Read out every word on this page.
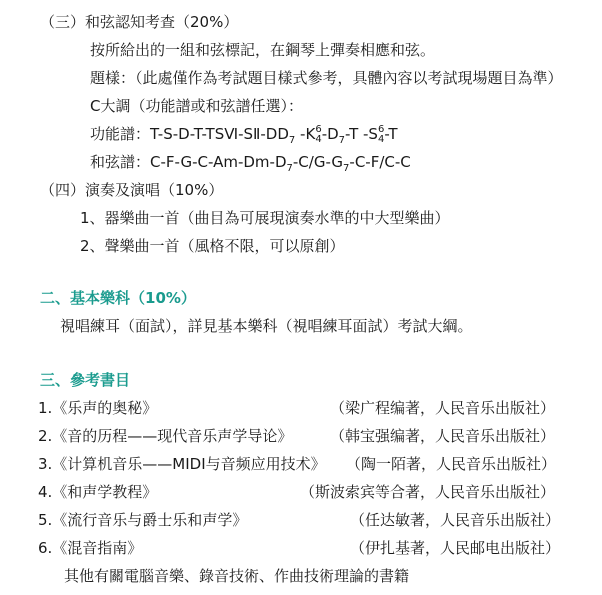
（三）和弦認知考查（20%）
按所給出的一組和弦標記，在鋼琴上彈奏相應和弦。
題樣：（此處僅作為考試題目樣式參考，具體內容以考試現場題目為準）
C大調（功能譜或和弦譜任選）：
功能譜：$T-S-D-T-TSⅥ-SⅡ-DD_7$ -K 6
4 $-D_7-T$ -S 6
4 -T
和弦譜：$C-F-G-C-Am-Dm-D_7-C/G-G_7-C-F/C-C$
（四）演奏及演唱（10%）
1、器樂曲一首（曲目為可展現演奏水準的中大型樂曲）
2、聲樂曲一首（風格不限，可以原創）
二、基本樂科（10%）
視唱練耳（面試），詳見基本樂科（視唱練耳面試）考試大綱。
三、參考書目
1.《乐声的奥秘》	（梁广程编著，人民音乐出版社）
2.《音的历程——现代音乐声学导论》	（韩宝强编著，人民音乐出版社）
3.《计算机音乐——MIDI与音频应用技术》 （陶一陌著，人民音乐出版社）
4.《和声学教程》	（斯波索宾等合著，人民音乐出版社）
5.《流行音乐与爵士乐和声学》	（任达敏著，人民音乐出版社）
6.《混音指南》	（伊扎基著，人民邮电出版社）
其他有關電腦音樂、錄音技術、作曲技術理論的書籍
